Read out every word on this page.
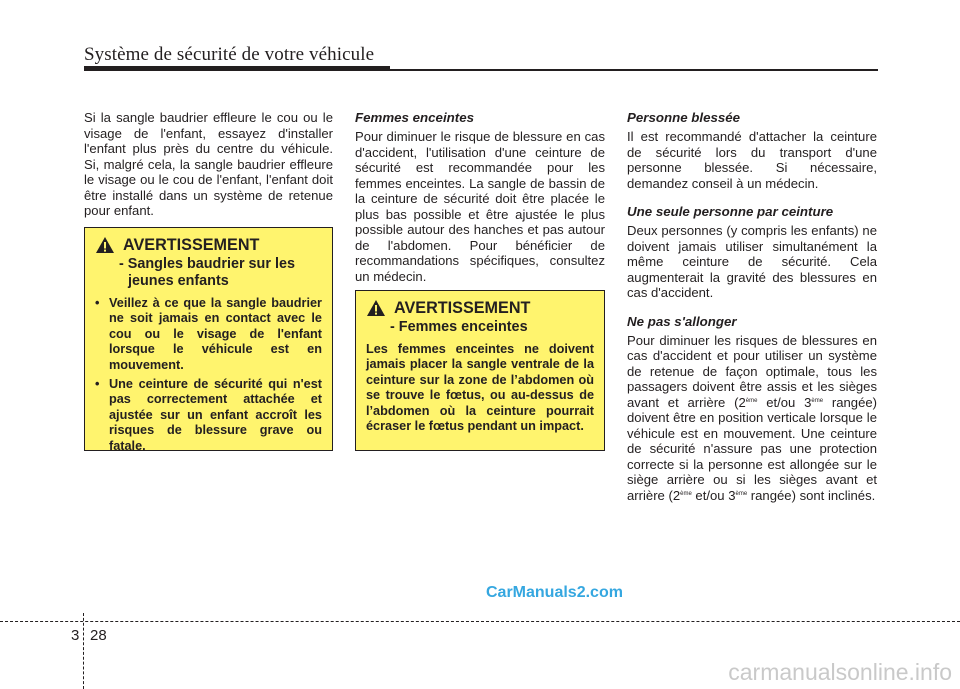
Système de sécurité de votre véhicule

Si la sangle baudrier effleure le cou ou le visage de l'enfant, essayez d'installer l'enfant plus près du centre du véhicule. Si, malgré cela, la sangle baudrier effleure le visage ou le cou de l'enfant, l'enfant doit être installé dans un système de retenue pour enfant.

AVERTISSEMENT
- Sangles baudrier sur les jeunes enfants
• Veillez à ce que la sangle baudrier ne soit jamais en contact avec le cou ou le visage de l'enfant lorsque le véhicule est en mouvement.
• Une ceinture de sécurité qui n'est pas correctement attachée et ajustée sur un enfant accroît les risques de blessure grave ou fatale.

Femmes enceintes

Pour diminuer le risque de blessure en cas d'accident, l'utilisation d'une ceinture de sécurité est recommandée pour les femmes enceintes. La sangle de bassin de la ceinture de sécurité doit être placée le plus bas possible et être ajustée le plus possible autour des hanches et pas autour de l'abdomen. Pour bénéficier de recommandations spécifiques, consultez un médecin.

AVERTISSEMENT
- Femmes enceintes

Les femmes enceintes ne doivent jamais placer la sangle ventrale de la ceinture sur la zone de l’abdomen où se trouve le fœtus, ou au-dessus de l’abdomen où la ceinture pourrait écraser le fœtus pendant un impact.

Personne blessée

Il est recommandé d'attacher la ceinture de sécurité lors du transport d'une personne blessée. Si nécessaire, demandez conseil à un médecin.

Une seule personne par ceinture

Deux personnes (y compris les enfants) ne doivent jamais utiliser simultanément la même ceinture de sécurité. Cela augmenterait la gravité des blessures en cas d'accident.

Ne pas s'allonger

Pour diminuer les risques de blessures en cas d'accident et pour utiliser un système de retenue de façon optimale, tous les passagers doivent être assis et les sièges avant et arrière (2ème et/ou 3ème rangée) doivent être en position verticale lorsque le véhicule est en mouvement. Une ceinture de sécurité n'assure pas une protection correcte si la personne est allongée sur le siège arrière ou si les sièges avant et arrière (2ème et/ou 3ème rangée) sont inclinés.

CarManuals2.com
3 28
carmanualsonline.info
